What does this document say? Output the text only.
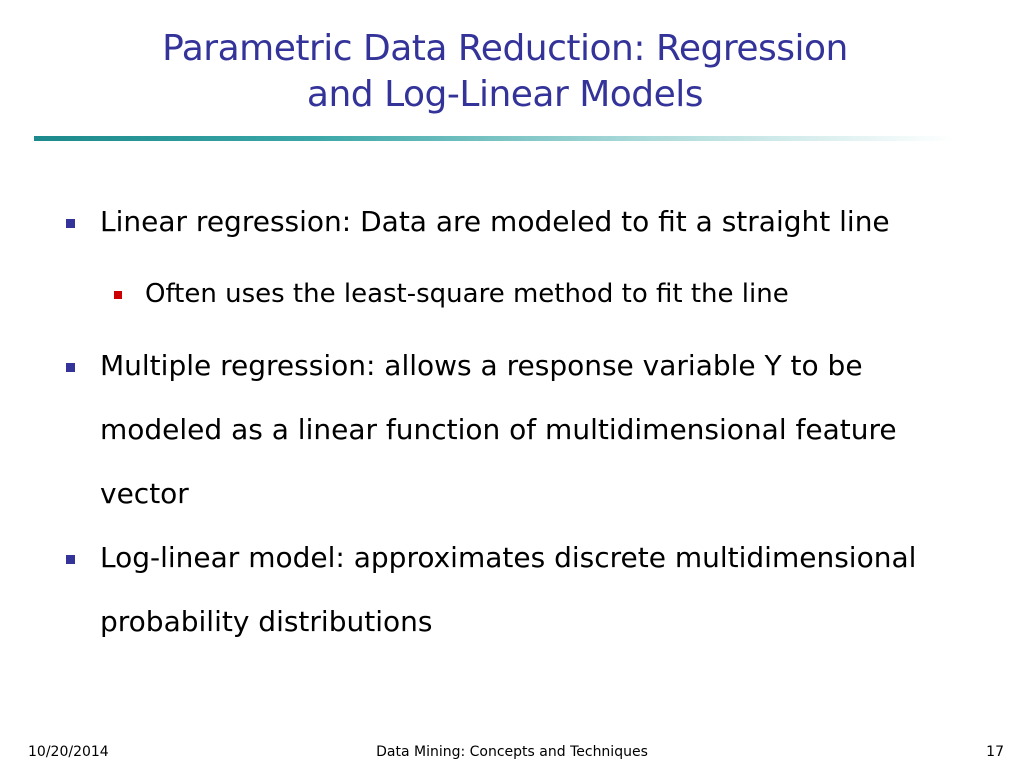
Parametric Data Reduction: Regression
and Log-Linear Models
Linear regression: Data are modeled to fit a straight line
Often uses the least-square method to fit the line
Multiple regression: allows a response variable Y to be modeled as a linear function of multidimensional feature vector
Log-linear model: approximates discrete multidimensional probability distributions
10/20/2014	Data Mining: Concepts and Techniques	17
